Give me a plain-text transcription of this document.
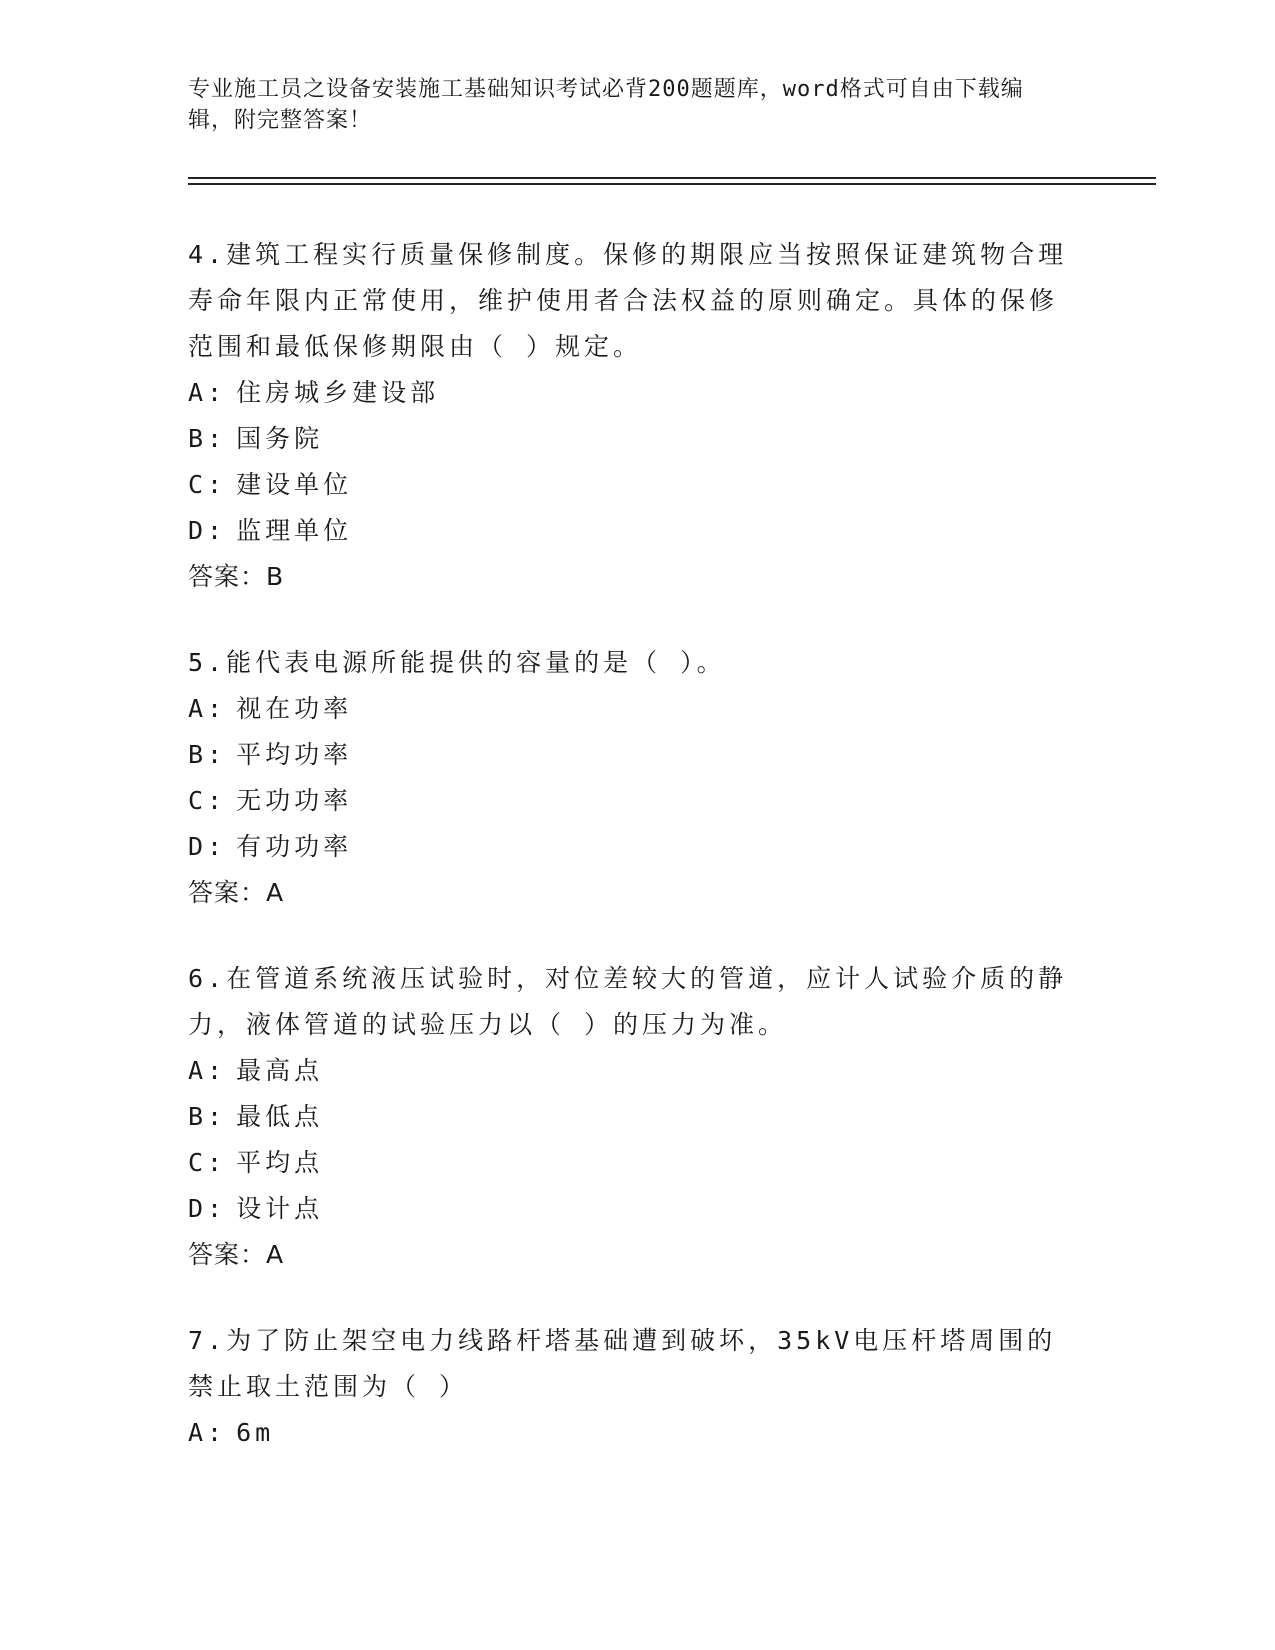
专业施工员之设备安装施工基础知识考试必背200题题库，word格式可自由下载编辑，附完整答案！
4.建筑工程实行质量保修制度。保修的期限应当按照保证建筑物合理寿命年限内正常使用，维护使用者合法权益的原则确定。具体的保修范围和最低保修期限由（ ）规定。
A: 住房城乡建设部
B: 国务院
C: 建设单位
D: 监理单位
答案：B
5.能代表电源所能提供的容量的是（ ）。
A: 视在功率
B: 平均功率
C: 无功功率
D: 有功功率
答案：A
6.在管道系统液压试验时，对位差较大的管道，应计人试验介质的静力，液体管道的试验压力以（ ）的压力为准。
A: 最高点
B: 最低点
C: 平均点
D: 设计点
答案：A
7.为了防止架空电力线路杆塔基础遭到破坏，35kV电压杆塔周围的禁止取土范围为（ ）
A: 6m
